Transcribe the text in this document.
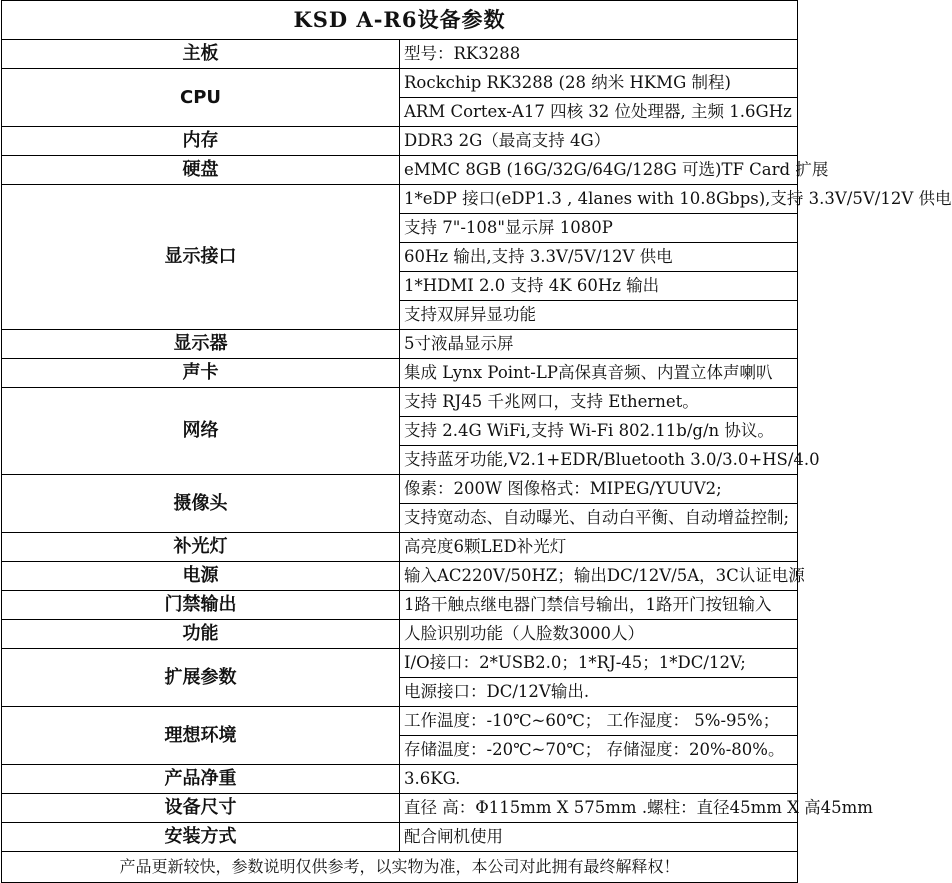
KSD A-R6设备参数	
主板	型号：RK3288
CPU	Rockchip RK3288 (28 纳米 HKMG 制程)
	ARM Cortex-A17 四核 32 位处理器, 主频 1.6GHz
内存	DDR3 2G（最高支持 4G）
硬盘	eMMC 8GB (16G/32G/64G/128G 可选)TF Card 扩展
显示接口	1*eDP 接口(eDP1.3 , 4lanes with 10.8Gbps),支持 3.3V/5V/12V 供电
	支持 7"-108"显示屏 1080P
	60Hz 输出,支持 3.3V/5V/12V 供电
	1*HDMI 2.0 支持 4K 60Hz 输出
	支持双屏异显功能
显示器	5寸液晶显示屏
声卡	集成 Lynx Point-LP高保真音频、内置立体声喇叭
网络	支持 RJ45 千兆网口，支持 Ethernet。
	支持 2.4G WiFi,支持 Wi-Fi 802.11b/g/n 协议。
	支持蓝牙功能,V2.1+EDR/Bluetooth 3.0/3.0+HS/4.0
摄像头	像素：200W 图像格式：MIPEG/YUUV2;
	支持宽动态、自动曝光、自动白平衡、自动增益控制;
补光灯	高亮度6颗LED补光灯
电源	输入AC220V/50HZ；输出DC/12V/5A，3C认证电源
门禁输出	1路干触点继电器门禁信号输出，1路开门按钮输入
功能	人脸识别功能（人脸数3000人）
扩展参数	I/O接口：2*USB2.0；1*RJ-45；1*DC/12V;
	电源接口：DC/12V输出.
理想环境	工作温度：-10℃~60℃； 工作湿度： 5%-95%；
	存储温度：-20℃~70℃； 存储湿度：20%-80%。
产品净重	3.6KG.
设备尺寸	直径 高：Φ115mm X 575mm .螺柱：直径45mm X 高45mm
安装方式	配合闸机使用
产品更新较快，参数说明仅供参考，以实物为准，本公司对此拥有最终解释权！	
